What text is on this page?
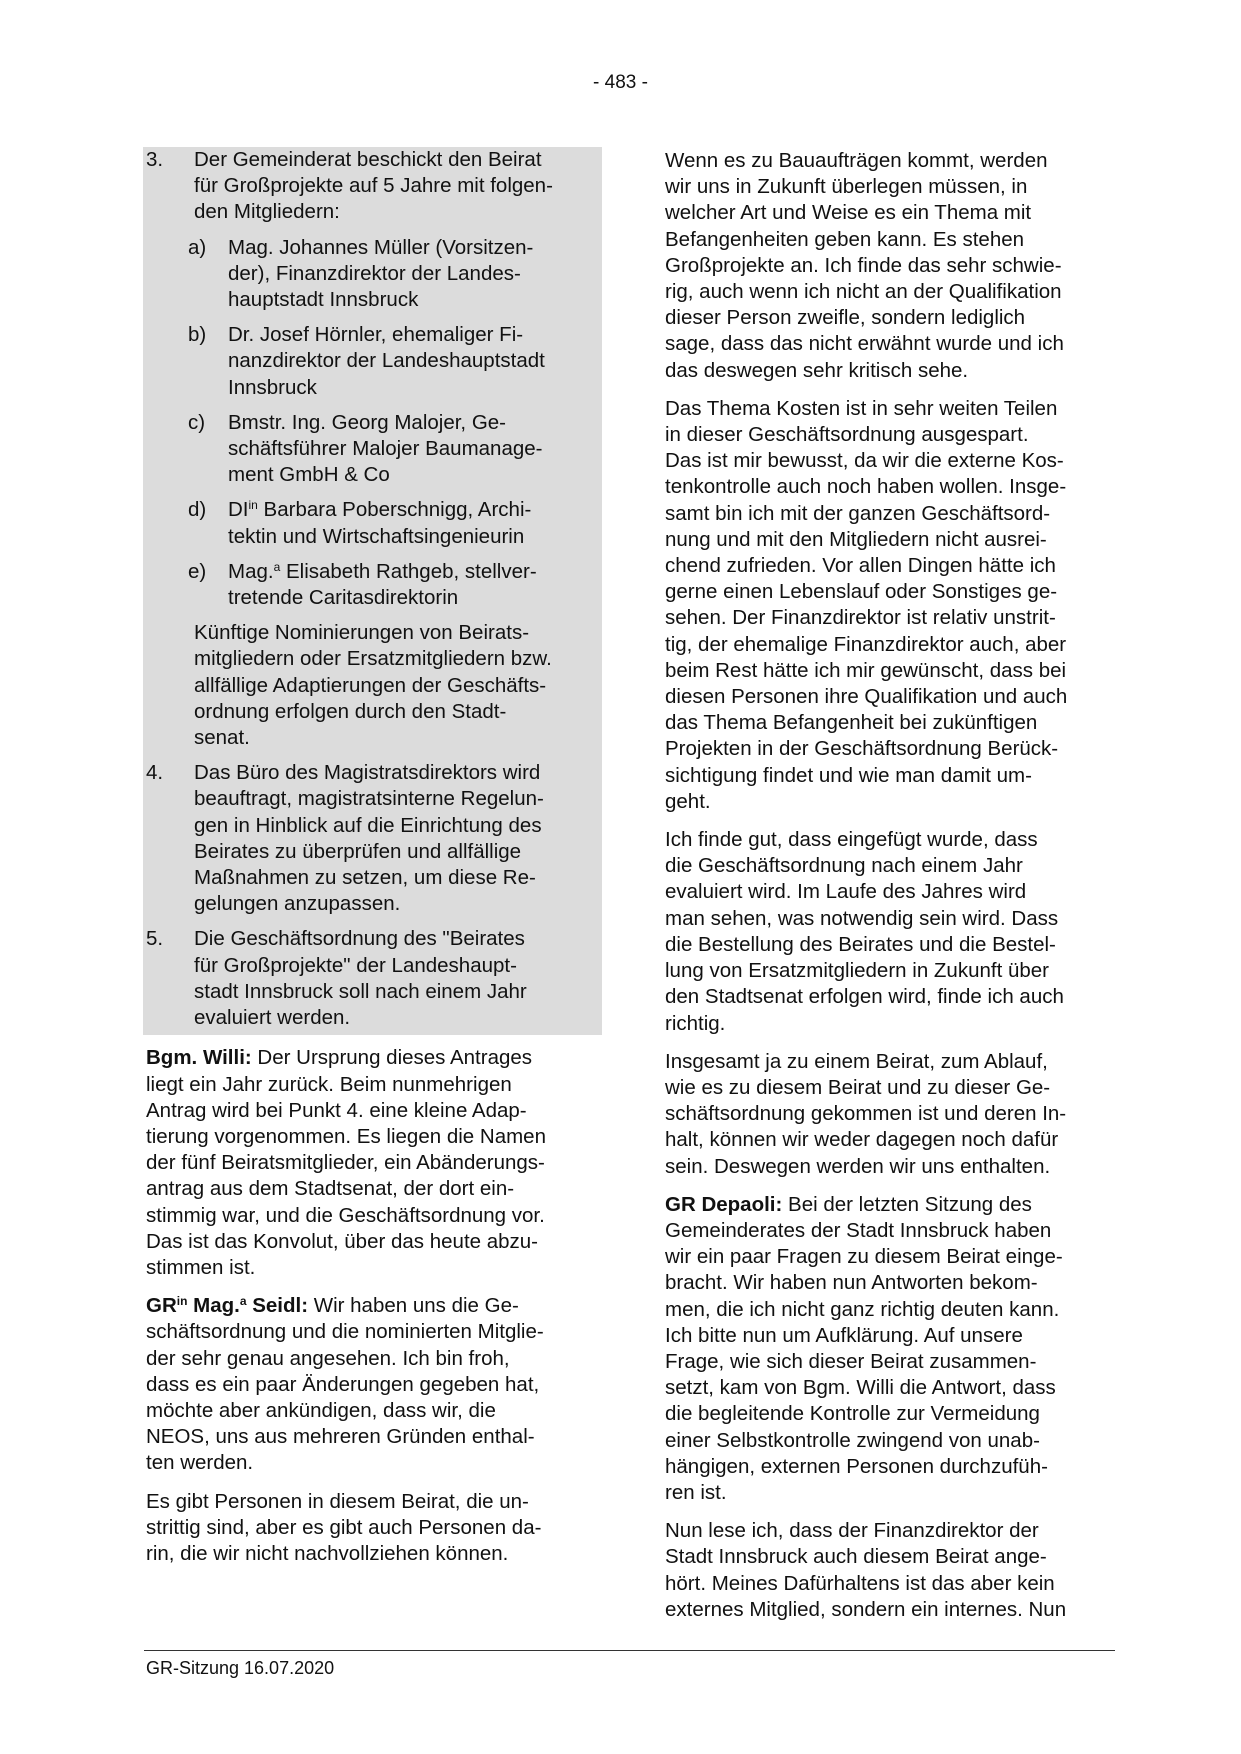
- 483 -
3. Der Gemeinderat beschickt den Beirat
für Großprojekte auf 5 Jahre mit folgen-
den Mitgliedern:
a) Mag. Johannes Müller (Vorsitzen-
der), Finanzdirektor der Landes-
hauptstadt Innsbruck
b) Dr. Josef Hörnler, ehemaliger Fi-
nanzdirektor der Landeshauptstadt
Innsbruck
c) Bmstr. Ing. Georg Malojer, Ge-
schäftsführer Malojer Baumanage-
ment GmbH & Co
d) $DI^{in}$ Barbara Poberschnigg, Archi-
tektin und Wirtschaftsingenieurin
e) Mag.$^a$ Elisabeth Rathgeb, stellver-
tretende Caritasdirektorin
Künftige Nominierungen von Beirats-
mitgliedern oder Ersatzmitgliedern bzw.
allfällige Adaptierungen der Geschäfts-
ordnung erfolgen durch den Stadt-
senat.
4. Das Büro des Magistratsdirektors wird
beauftragt, magistratsinterne Regelun-
gen in Hinblick auf die Einrichtung des
Beirates zu überprüfen und allfällige
Maßnahmen zu setzen, um diese Re-
gelungen anzupassen.
5. Die Geschäftsordnung des "Beirates
für Großprojekte" der Landeshaupt-
stadt Innsbruck soll nach einem Jahr
evaluiert werden.

Bgm. Willi: Der Ursprung dieses Antrages
liegt ein Jahr zurück. Beim nunmehrigen
Antrag wird bei Punkt 4. eine kleine Adap-
tierung vorgenommen. Es liegen die Namen
der fünf Beiratsmitglieder, ein Abänderungs-
antrag aus dem Stadtsenat, der dort ein-
stimmig war, und die Geschäftsordnung vor.
Das ist das Konvolut, über das heute abzu-
stimmen ist.

$GR^{in}$ Mag.$^a$ Seidl: Wir haben uns die Ge-
schäftsordnung und die nominierten Mitglie-
der sehr genau angesehen. Ich bin froh,
dass es ein paar Änderungen gegeben hat,
möchte aber ankündigen, dass wir, die
NEOS, uns aus mehreren Gründen enthal-
ten werden.

Es gibt Personen in diesem Beirat, die un-
strittig sind, aber es gibt auch Personen da-
rin, die wir nicht nachvollziehen können.

Wenn es zu Bauaufträgen kommt, werden
wir uns in Zukunft überlegen müssen, in
welcher Art und Weise es ein Thema mit
Befangenheiten geben kann. Es stehen
Großprojekte an. Ich finde das sehr schwie-
rig, auch wenn ich nicht an der Qualifikation
dieser Person zweifle, sondern lediglich
sage, dass das nicht erwähnt wurde und ich
das deswegen sehr kritisch sehe.

Das Thema Kosten ist in sehr weiten Teilen
in dieser Geschäftsordnung ausgespart.
Das ist mir bewusst, da wir die externe Kos-
tenkontrolle auch noch haben wollen. Insge-
samt bin ich mit der ganzen Geschäftsord-
nung und mit den Mitgliedern nicht ausrei-
chend zufrieden. Vor allen Dingen hätte ich
gerne einen Lebenslauf oder Sonstiges ge-
sehen. Der Finanzdirektor ist relativ unstrit-
tig, der ehemalige Finanzdirektor auch, aber
beim Rest hätte ich mir gewünscht, dass bei
diesen Personen ihre Qualifikation und auch
das Thema Befangenheit bei zukünftigen
Projekten in der Geschäftsordnung Berück-
sichtigung findet und wie man damit um-
geht.

Ich finde gut, dass eingefügt wurde, dass
die Geschäftsordnung nach einem Jahr
evaluiert wird. Im Laufe des Jahres wird
man sehen, was notwendig sein wird. Dass
die Bestellung des Beirates und die Bestel-
lung von Ersatzmitgliedern in Zukunft über
den Stadtsenat erfolgen wird, finde ich auch
richtig.

Insgesamt ja zu einem Beirat, zum Ablauf,
wie es zu diesem Beirat und zu dieser Ge-
schäftsordnung gekommen ist und deren In-
halt, können wir weder dagegen noch dafür
sein. Deswegen werden wir uns enthalten.

GR Depaoli: Bei der letzten Sitzung des
Gemeinderates der Stadt Innsbruck haben
wir ein paar Fragen zu diesem Beirat einge-
bracht. Wir haben nun Antworten bekom-
men, die ich nicht ganz richtig deuten kann.
Ich bitte nun um Aufklärung. Auf unsere
Frage, wie sich dieser Beirat zusammen-
setzt, kam von Bgm. Willi die Antwort, dass
die begleitende Kontrolle zur Vermeidung
einer Selbstkontrolle zwingend von unab-
hängigen, externen Personen durchzufüh-
ren ist.

Nun lese ich, dass der Finanzdirektor der
Stadt Innsbruck auch diesem Beirat ange-
hört. Meines Dafürhaltens ist das aber kein
externes Mitglied, sondern ein internes. Nun

GR-Sitzung 16.07.2020
